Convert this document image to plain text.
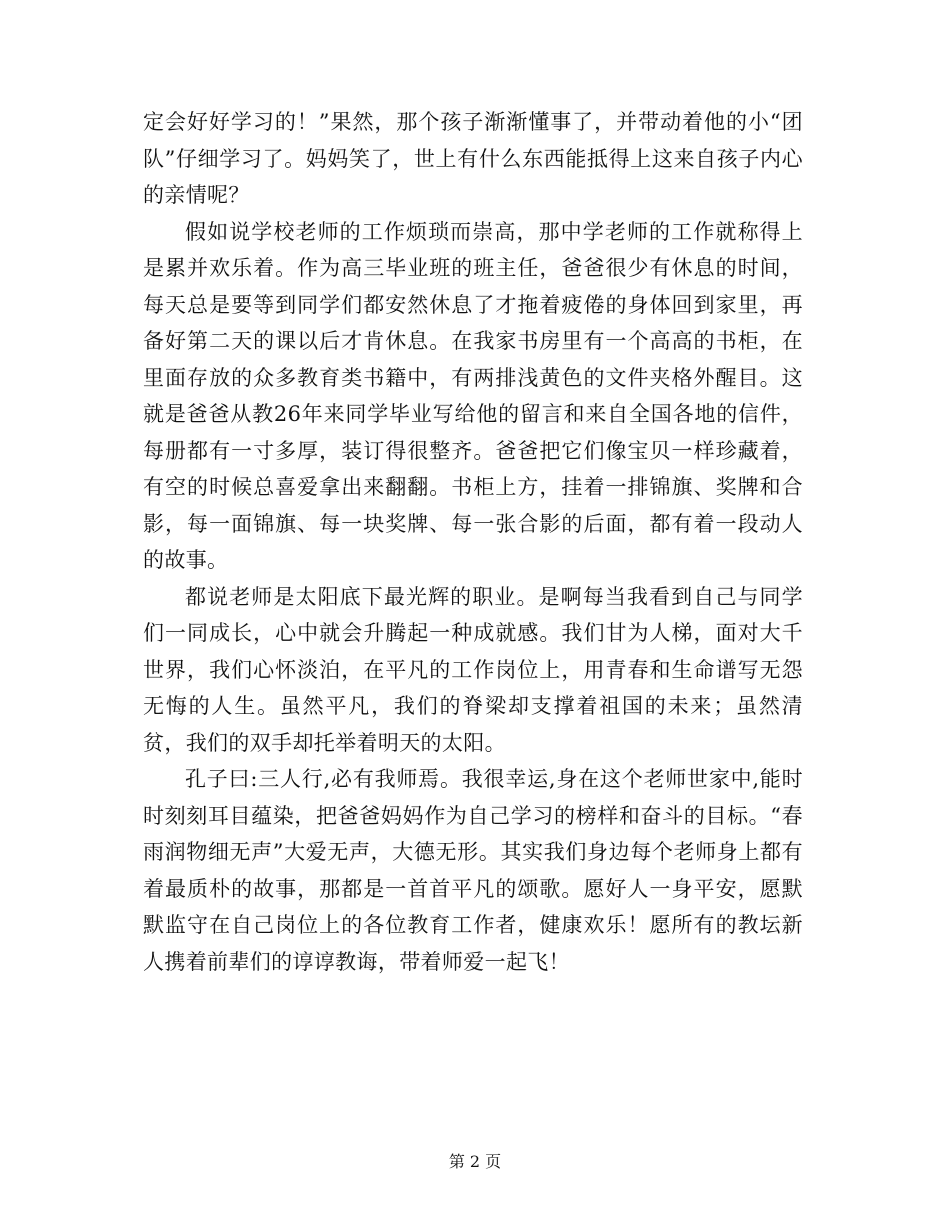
定会好好学习的！”果然，那个孩子渐渐懂事了，并带动着他的小“团队”仔细学习了。妈妈笑了，世上有什么东西能抵得上这来自孩子内心的亲情呢？

假如说学校老师的工作烦琐而崇高，那中学老师的工作就称得上是累并欢乐着。作为高三毕业班的班主任，爸爸很少有休息的时间，每天总是要等到同学们都安然休息了才拖着疲倦的身体回到家里，再备好第二天的课以后才肯休息。在我家书房里有一个高高的书柜，在里面存放的众多教育类书籍中，有两排浅黄色的文件夹格外醒目。这就是爸爸从教26年来同学毕业写给他的留言和来自全国各地的信件，每册都有一寸多厚，装订得很整齐。爸爸把它们像宝贝一样珍藏着，有空的时候总喜爱拿出来翻翻。书柜上方，挂着一排锦旗、奖牌和合影，每一面锦旗、每一块奖牌、每一张合影的后面，都有着一段动人的故事。

都说老师是太阳底下最光辉的职业。是啊每当我看到自己与同学们一同成长，心中就会升腾起一种成就感。我们甘为人梯，面对大千世界，我们心怀淡泊，在平凡的工作岗位上，用青春和生命谱写无怨无悔的人生。虽然平凡，我们的脊梁却支撑着祖国的未来；虽然清贫，我们的双手却托举着明天的太阳。

孔子曰:三人行,必有我师焉。我很幸运,身在这个老师世家中,能时时刻刻耳目蕴染，把爸爸妈妈作为自己学习的榜样和奋斗的目标。“春雨润物细无声”大爱无声，大德无形。其实我们身边每个老师身上都有着最质朴的故事，那都是一首首平凡的颂歌。愿好人一身平安，愿默默监守在自己岗位上的各位教育工作者，健康欢乐！愿所有的教坛新人携着前辈们的谆谆教诲，带着师爱一起飞！

第 2 页
